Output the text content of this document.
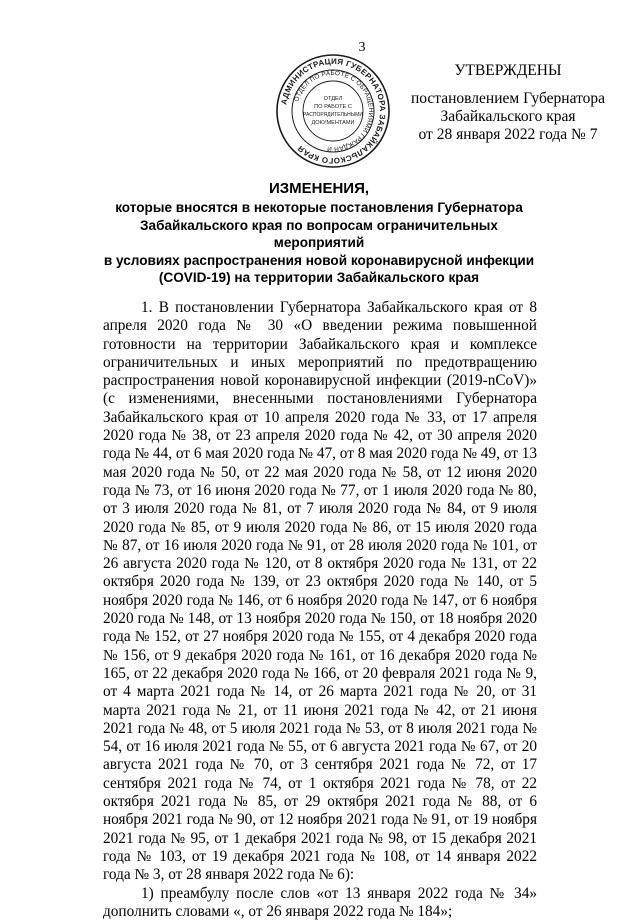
3
АДМИНИСТРАЦИЯ ГУБЕРНАТОРА ЗАБАЙКАЛЬСКОГО КРАЯ
ОТДЕЛ ПО РАБОТЕ С ОБРАЩЕНИЯМИ ГРАЖДАН И
ОТДЕЛ
ПО РАБОТЕ С
РАСПОРЯДИТЕЛЬНЫМИ
ДОКУМЕНТАМИ
УТВЕРЖДЕНЫ
постановлением Губернатора
Забайкальского края
от 28 января 2022 года № 7
ИЗМЕНЕНИЯ,
которые вносятся в некоторые постановления Губернатора
Забайкальского края по вопросам ограничительных мероприятий
в условиях распространения новой коронавирусной инфекции
(COVID-19) на территории Забайкальского края

1. В постановлении Губернатора Забайкальского края от 8 апреля 2020 года № 30 «О введении режима повышенной готовности на территории Забайкальского края и комплексе ограничительных и иных мероприятий по предотвращению распространения новой коронавирусной инфекции (2019-nCoV)» (с изменениями, внесенными постановлениями Губернатора Забайкальского края от 10 апреля 2020 года № 33, от 17 апреля 2020 года № 38, от 23 апреля 2020 года № 42, от 30 апреля 2020 года № 44, от 6 мая 2020 года № 47, от 8 мая 2020 года № 49, от 13 мая 2020 года № 50, от 22 мая 2020 года № 58, от 12 июня 2020 года № 73, от 16 июня 2020 года № 77, от 1 июля 2020 года № 80, от 3 июля 2020 года № 81, от 7 июля 2020 года № 84, от 9 июля 2020 года № 85, от 9 июля 2020 года № 86, от 15 июля 2020 года № 87, от 16 июля 2020 года № 91, от 28 июля 2020 года № 101, от 26 августа 2020 года № 120, от 8 октября 2020 года № 131, от 22 октября 2020 года № 139, от 23 октября 2020 года № 140, от 5 ноября 2020 года № 146, от 6 ноября 2020 года № 147, от 6 ноября 2020 года № 148, от 13 ноября 2020 года № 150, от 18 ноября 2020 года № 152, от 27 ноября 2020 года № 155, от 4 декабря 2020 года № 156, от 9 декабря 2020 года № 161, от 16 декабря 2020 года № 165, от 22 декабря 2020 года № 166, от 20 февраля 2021 года № 9, от 4 марта 2021 года № 14, от 26 марта 2021 года № 20, от 31 марта 2021 года № 21, от 11 июня 2021 года № 42, от 21 июня 2021 года № 48, от 5 июля 2021 года № 53, от 8 июля 2021 года № 54, от 16 июля 2021 года № 55, от 6 августа 2021 года № 67, от 20 августа 2021 года № 70, от 3 сентября 2021 года № 72, от 17 сентября 2021 года № 74, от 1 октября 2021 года № 78, от 22 октября 2021 года № 85, от 29 октября 2021 года № 88, от 6 ноября 2021 года № 90, от 12 ноября 2021 года № 91, от 19 ноября 2021 года № 95, от 1 декабря 2021 года № 98, от 15 декабря 2021 года № 103, от 19 декабря 2021 года № 108, от 14 января 2022 года № 3, от 28 января 2022 года № 6):

1) преамбулу после слов «от 13 января 2022 года № 34» дополнить словами «, от 26 января 2022 года № 184»;
